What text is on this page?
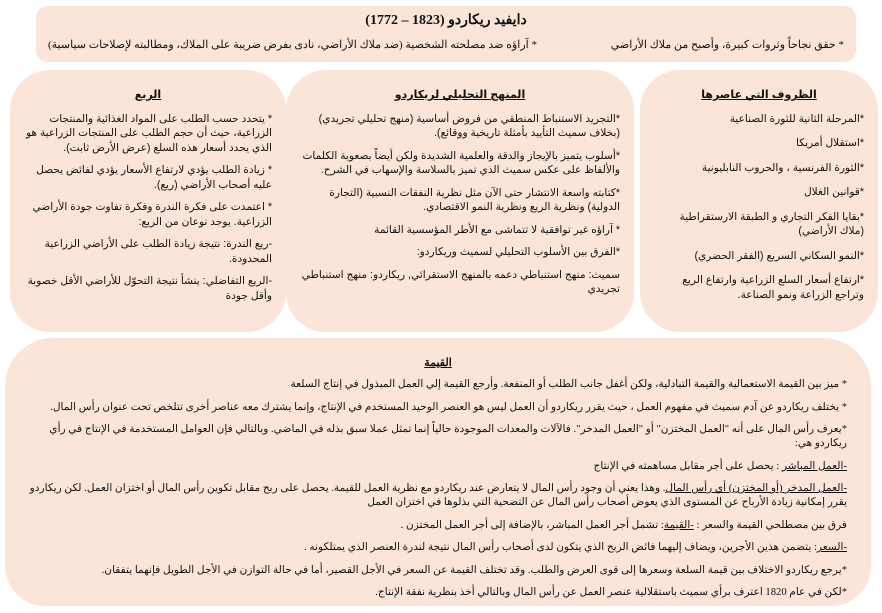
دايفيد ريكاردو (1823 – 1772)

* حقق نجاحاً وثروات كبيرة، وأصبح من ملاك الأراضي
* آراؤه ضد مصلحته الشخصية (ضد ملاك الأراضي، نادى بفرض ضريبة على الملاك، ومطالبته لإصلاحات سياسية)

الظروف التي عاصرها

*المرحلة الثانية للثورة الصناعية

*استقلال أمريكا

*الثورة الفرنسية ، والحروب النابليونية

*قوانين الغلال

*بقايا الفكر التجاري و الطبقة الارستقراطية (ملاك الأراضي)

*النمو السكاني السريع (الفقر الحضري)

*ارتفاع أسعار السلع الزراعية وارتفاع الريع وتراجع الزراعة ونمو الصناعة.

المنهج التحليلي لريكاردو

*التجريد الاستنباط المنطقي من فروض أساسية (منهج تحليلي تجريدي) (بخلاف سميث التأييد بأمثلة تاريخية ووقائع).

*أسلوب يتميز بالإيجاز والدقة والعلمية الشديدة ولكن أيضاً بصعوبة الكلمات والألفاظ على عكس سميث الذي تميز بالسلاسة والإسهاب في الشرح.

*كتابته واسعة الانتشار حتى الآن مثل نظرية النفقات النسبية (التجارة الدولية) ونظرية الريع ونظرية النمو الاقتصادي.

* آراؤه غير توافقية لا تتماشى مع الأطر المؤسسية القائمة

*الفرق بين الأسلوب التحليلي لسميث وريكاردو:

سميث: منهج استنباطي دعمه بالمنهج الاستقرائي, ريكاردو: منهج استنباطي تجريدي

الريع

* يتحدد حسب الطلب على المواد الغذائية والمنتجات الزراعية، حيث أن حجم الطلب على المنتجات الزراعية هو الذي يحدد أسعار هذه السلع (عرض الأرض ثابت).

* زيادة الطلب يؤدي لارتفاع الأسعار يؤدي لفائض يحصل عليه أصحاب الأراضي (ريع).

* اعتمدت على فكرة الندرة وفكرة تفاوت جودة الأراضي الزراعية. يوجد نوعان من الريع:

-ريع الندرة: نتيجة زيادة الطلب على الأراضي الزراعية المحدودة.

-الريع التفاضلي: ينشأ نتيجة التحوّل للأراضي الأقل خصوبة وأقل جودة

القيمة

* ميز بين القيمة الاستعمالية والقيمة التبادلية، ولكن أغفل جانب الطلب أو المنفعة. وأرجع القيمة إلي العمل المبذول في إنتاج السلعة

* يختلف ريكاردو عن آدم سميث في مفهوم العمل ، حيث يقرر ريكاردو أن العمل ليس هو العنصر الوحيد المستخدم في الإنتاج، وإنما يشترك معه عناصر أخرى تتلخص تحت عنوان رأس المال.

*يعرف رأس المال على أنه "العمل المختزن" أو "العمل المدخر". فالآلات والمعدات الموجودة حالياً إنما تمثل عملا سبق بذله في الماضي. وبالتالي فإن العوامل المستخدمة في الإنتاج في رأي ريكاردو هي:

-العمل المباشر : يحصل على أجر مقابل مساهمته في الإنتاج

-العمل المدخر (أو المختزن) أي رأس المال. وهذا يعني أن وجود رأس المال لا يتعارض عند ريكاردو مع نظرية العمل للقيمة. يحصل على ربح مقابل تكوين رأس المال أو اختزان العمل. لكن ريكاردو يقرر إمكانية زيادة الأرباح عن المستوى الذي يعوض أصحاب رأس المال عن التضحية التي بذلوها في اختزان العمل

فرق بين مصطلحي القيمة والسعر : -القيمة: تشمل أجر العمل المباشر، بالإضافة إلى أجر العمل المختزن .

-السعر: يتضمن هذين الأجرين، ويضاف إليهما فائض الربح الذي يتكون لدى أصحاب رأس المال نتيجة لندرة العنصر الذي يمتلكونه .

*يرجع ريكاردو الاختلاف بين قيمة السلعة وسعرها إلى قوى العرض والطلب. وقد تختلف القيمة عن السعر في الأجل القصير، أما في حالة التوازن في الأجل الطويل فإنهما يتفقان.

*لكن في عام 1820 اعترف برأي سميث باستقلالية عنصر العمل عن رأس المال وبالتالي أخذ بنظرية نفقة الإنتاج.
